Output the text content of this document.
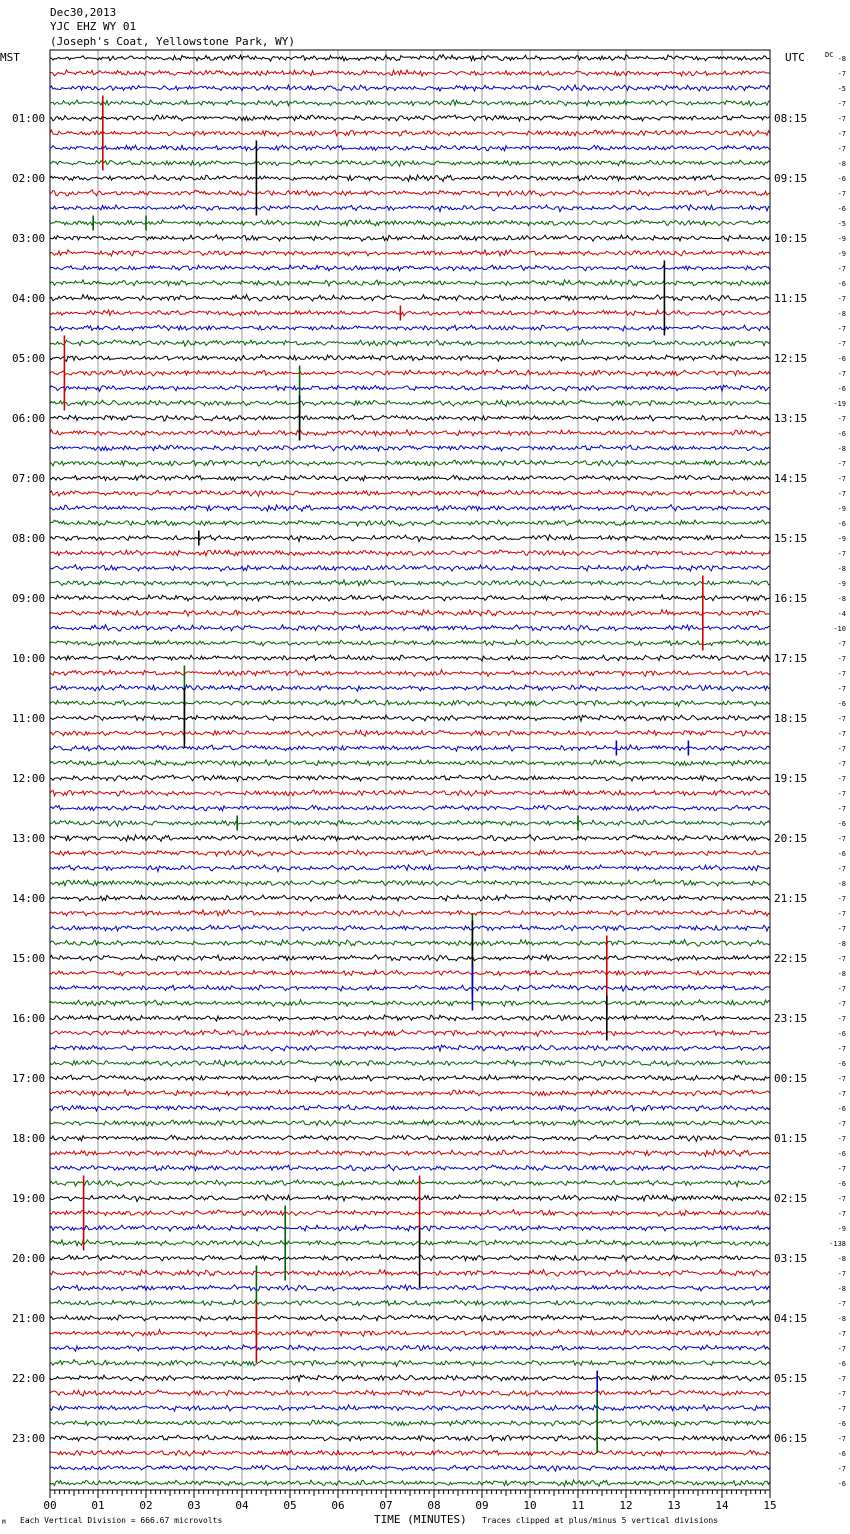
Dec30,2013
YJC EHZ WY 01
(Joseph's Coat, Yellowstone Park, WY)
MST	UTC	DC
01:00
02:00
03:00
04:00
05:00
06:00
07:00
08:00
09:00
10:00
11:00
12:00
13:00
14:00
15:00
16:00
17:00
18:00
19:00
20:00
21:00
22:00
23:00
08:15
09:15
10:15
11:15
12:15
13:15
14:15
15:15
16:15
17:15
18:15
19:15
20:15
21:15
22:15
23:15
00:15
01:15
02:15
03:15
04:15
05:15
06:15
-8
-7
-5
-7
-7
-7
-7
-8
-6
-7
-6
-5
-9
-9
-7
-6
-7
-8
-7
-7
-6
-7
-6
-19
-7
-6
-8
-7
-7
-7
-9
-6
-9
-7
-8
-9
-8
-4
-10
-7
-7
-7
-7
-6
-7
-7
-7
-7
-7
-7
-7
-6
-7
-6
-7
-8
-7
-7
-7
-8
-7
-8
-7
-7
-7
-6
-7
-6
-7
-7
-6
-7
-7
-6
-7
-6
-7
-7
-9
-138
-8
-7
-8
-7
-8
-7
-7
-6
-7
-7
-7
-6
-7
-6
-7
-6
00	01	02	03	04	05	06	07	08	09	10	11	12	13	14	15
M Each Vertical Division = 666.67 microvolts	TIME (MINUTES) Traces clipped at plus/minus 5 vertical divisions
